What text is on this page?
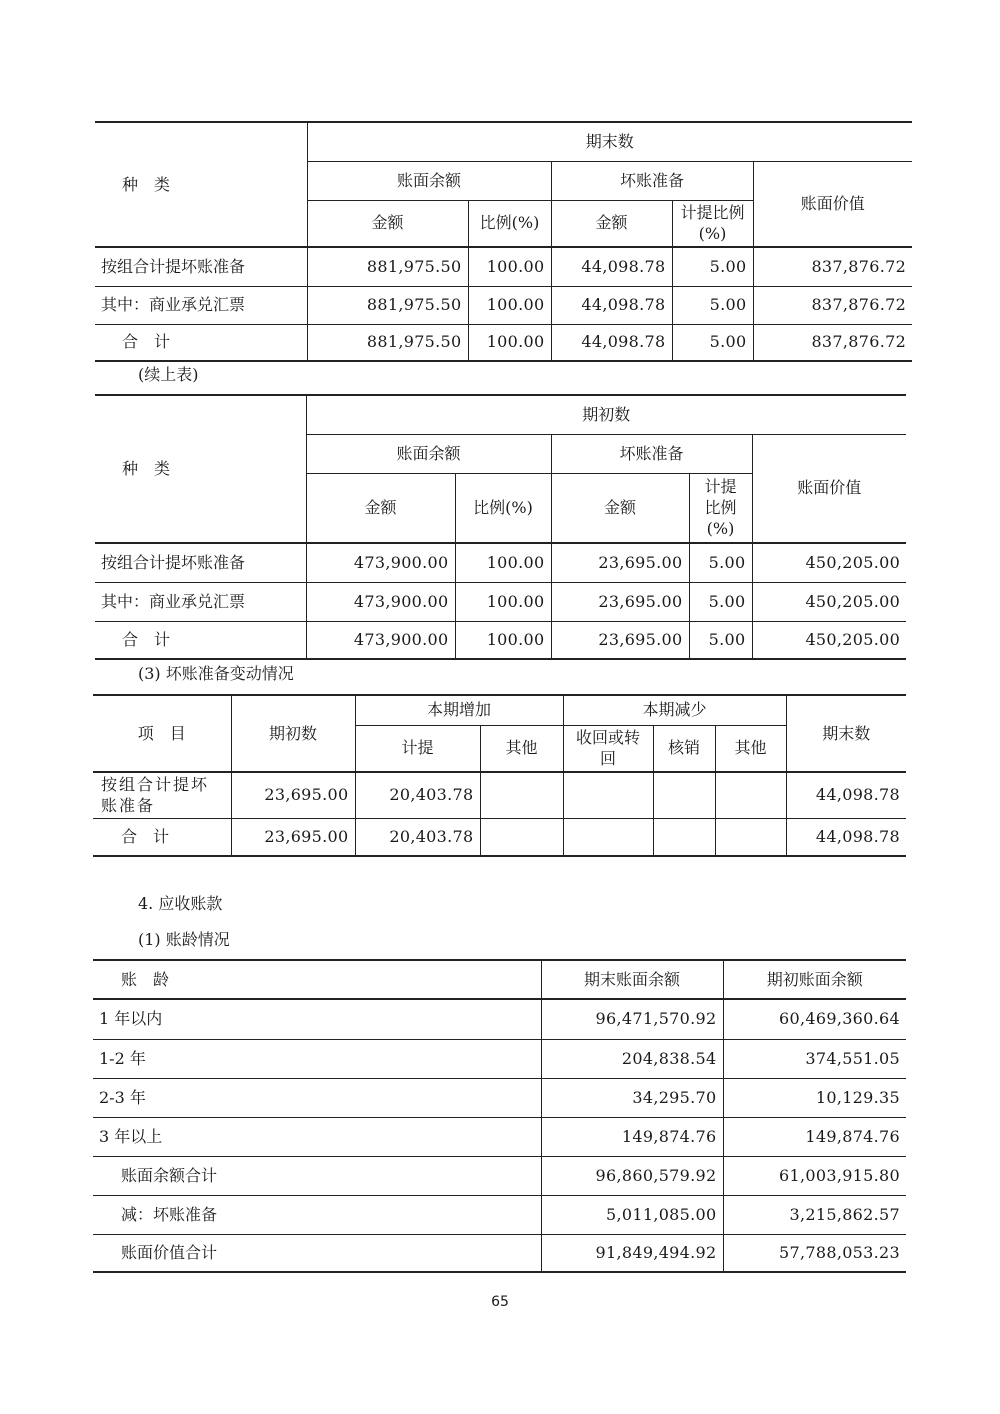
种　类	期末数				
	账面余额		坏账准备		账面价值
	金额	比例(%)	金额	计提比例(%)	
按组合计提坏账准备	881,975.50	100.00	44,098.78	5.00	837,876.72
其中：商业承兑汇票	881,975.50	100.00	44,098.78	5.00	837,876.72
合　计	881,975.50	100.00	44,098.78	5.00	837,876.72
(续上表)
种　类	期初数				
	账面余额		坏账准备		账面价值
	金额	比例(%)	金额	计提比例(%)	
按组合计提坏账准备	473,900.00	100.00	23,695.00	5.00	450,205.00
其中：商业承兑汇票	473,900.00	100.00	23,695.00	5.00	450,205.00
合　计	473,900.00	100.00	23,695.00	5.00	450,205.00
(3) 坏账准备变动情况
项　目	期初数	本期增加		本期减少			期末数
		计提	其他	收回或转回	核销	其他	
按组合计提坏账准备	23,695.00	20,403.78					44,098.78
合　计	23,695.00	20,403.78					44,098.78
4. 应收账款
(1) 账龄情况
账　龄	期末账面余额	期初账面余额
1 年以内	96,471,570.92	60,469,360.64
1-2 年	204,838.54	374,551.05
2-3 年	34,295.70	10,129.35
3 年以上	149,874.76	149,874.76
账面余额合计	96,860,579.92	61,003,915.80
减：坏账准备	5,011,085.00	3,215,862.57
账面价值合计	91,849,494.92	57,788,053.23
65
